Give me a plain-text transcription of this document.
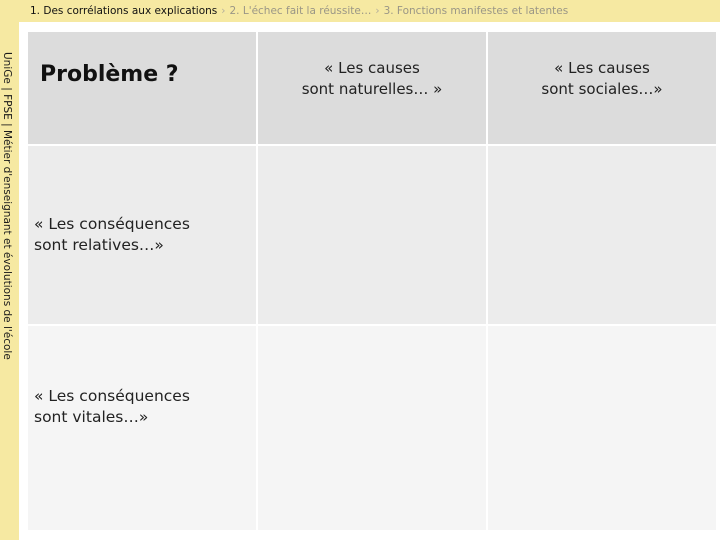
1. Des corrélations aux explications › 2. L'échec fait la réussite… › 3. Fonctions manifestes et latentes
UniGe | FPSE | Métier d'enseignant et évolutions de l'école Problème ?	« Les causes
sont naturelles… »
« Les causes
sont sociales…»
« Les conséquences
sont relatives…»
« Les conséquences
sont vitales…»
